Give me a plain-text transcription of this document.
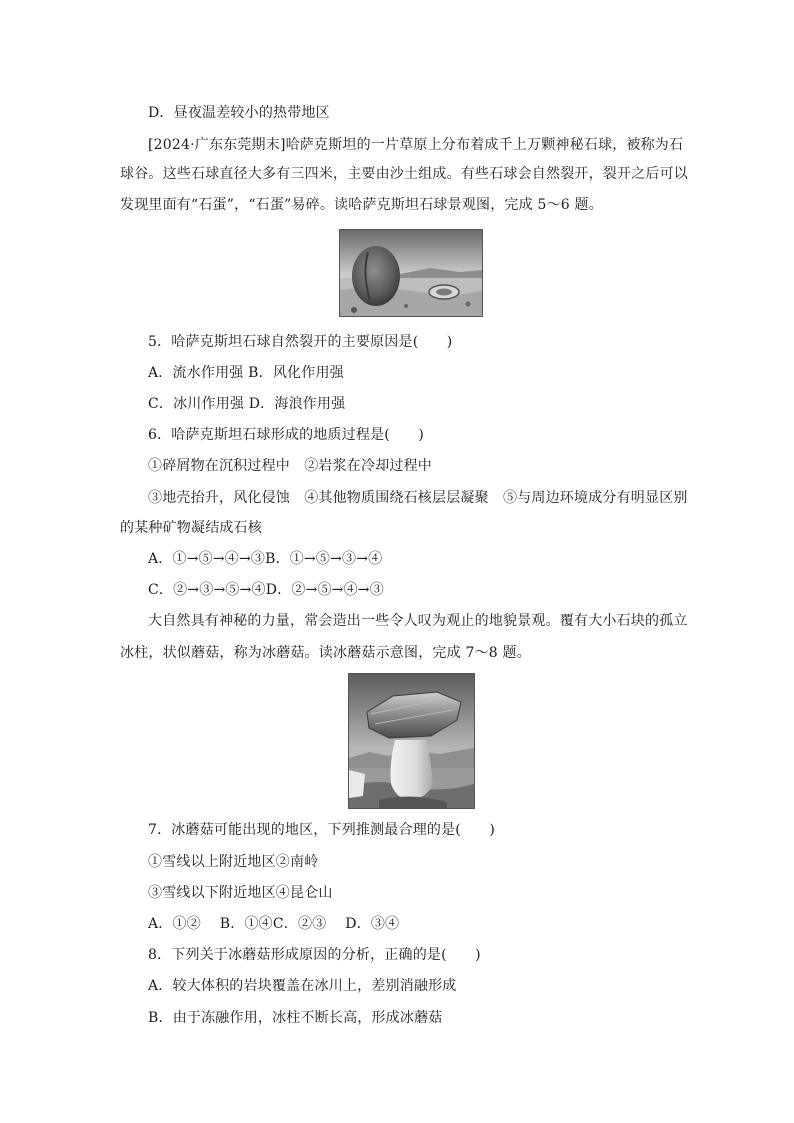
D．昼夜温差较小的热带地区
[2024·广东东莞期末]哈萨克斯坦的一片草原上分布着成千上万颗神秘石球，被称为石
球谷。这些石球直径大多有三四米，主要由沙土组成。有些石球会自然裂开，裂开之后可以
发现里面有“石蛋”，“石蛋”易碎。读哈萨克斯坦石球景观图，完成 5～6 题。
5．哈萨克斯坦石球自然裂开的主要原因是(　　)
A．流水作用强 B．风化作用强
C．冰川作用强 D．海浪作用强
6．哈萨克斯坦石球形成的地质过程是(　　)
①碎屑物在沉积过程中　②岩浆在冷却过程中
③地壳抬升，风化侵蚀　④其他物质围绕石核层层凝聚　⑤与周边环境成分有明显区别
的某种矿物凝结成石核
A．①→⑤→④→③B．①→⑤→③→④
C．②→③→⑤→④D．②→⑤→④→③
大自然具有神秘的力量，常会造出一些令人叹为观止的地貌景观。覆有大小石块的孤立
冰柱，状似蘑菇，称为冰蘑菇。读冰蘑菇示意图，完成 7～8 题。
7．冰蘑菇可能出现的地区，下列推测最合理的是(　　)
①雪线以上附近地区②南岭
③雪线以下附近地区④昆仑山
A．①②　 B．①④C．②③　 D．③④
8．下列关于冰蘑菇形成原因的分析，正确的是(　　)
A．较大体积的岩块覆盖在冰川上，差别消融形成
B．由于冻融作用，冰柱不断长高，形成冰蘑菇
